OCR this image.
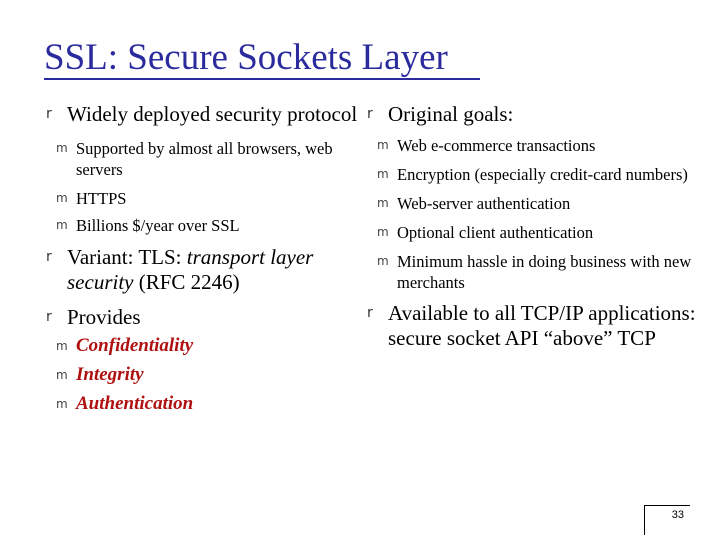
SSL: Secure Sockets Layer
r Widely deployed security protocol
m Supported by almost all browsers, web servers
m HTTPS
m Billions $/year over SSL
r Variant: TLS: transport layer security (RFC 2246)
r Provides
m Confidentiality
m Integrity
m Authentication
r Original goals:
m Web e-commerce transactions
m Encryption (especially credit-card numbers)
m Web-server authentication
m Optional client authentication
m Minimum hassle in doing business with new merchants
r Available to all TCP/IP applications: secure socket API “above” TCP
33
